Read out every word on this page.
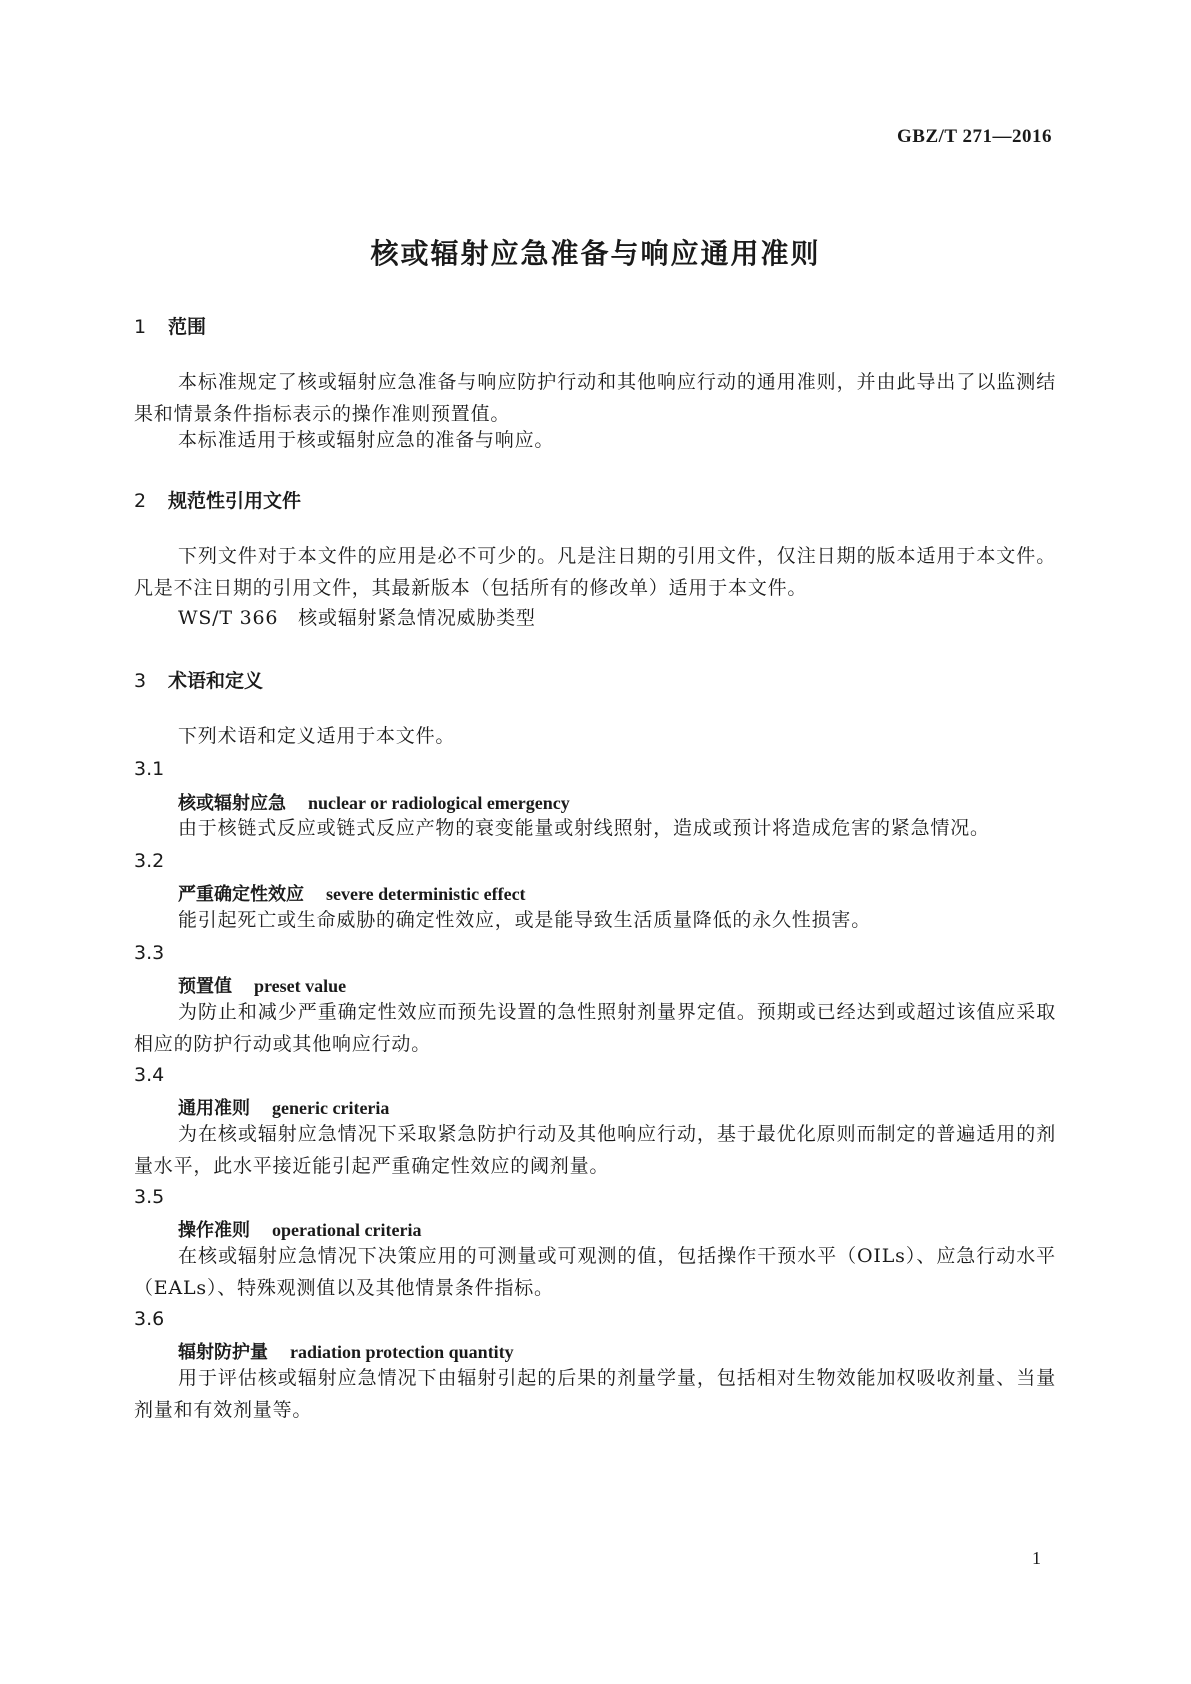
GBZ/T 271—2016
核或辐射应急准备与响应通用准则
1 范围
本标准规定了核或辐射应急准备与响应防护行动和其他响应行动的通用准则，并由此导出了以监测结果和情景条件指标表示的操作准则预置值。
本标准适用于核或辐射应急的准备与响应。
2 规范性引用文件
下列文件对于本文件的应用是必不可少的。凡是注日期的引用文件，仅注日期的版本适用于本文件。凡是不注日期的引用文件，其最新版本（包括所有的修改单）适用于本文件。
WS/T 366　核或辐射紧急情况威胁类型
3 术语和定义
下列术语和定义适用于本文件。
3.1
核或辐射应急 nuclear or radiological emergency
由于核链式反应或链式反应产物的衰变能量或射线照射，造成或预计将造成危害的紧急情况。
3.2
严重确定性效应 severe deterministic effect
能引起死亡或生命威胁的确定性效应，或是能导致生活质量降低的永久性损害。
3.3
预置值 preset value
为防止和减少严重确定性效应而预先设置的急性照射剂量界定值。预期或已经达到或超过该值应采取相应的防护行动或其他响应行动。
3.4
通用准则 generic criteria
为在核或辐射应急情况下采取紧急防护行动及其他响应行动，基于最优化原则而制定的普遍适用的剂量水平，此水平接近能引起严重确定性效应的阈剂量。
3.5
操作准则 operational criteria
在核或辐射应急情况下决策应用的可测量或可观测的值，包括操作干预水平（OILs）、应急行动水平（EALs）、特殊观测值以及其他情景条件指标。
3.6
辐射防护量 radiation protection quantity
用于评估核或辐射应急情况下由辐射引起的后果的剂量学量，包括相对生物效能加权吸收剂量、当量剂量和有效剂量等。
1
